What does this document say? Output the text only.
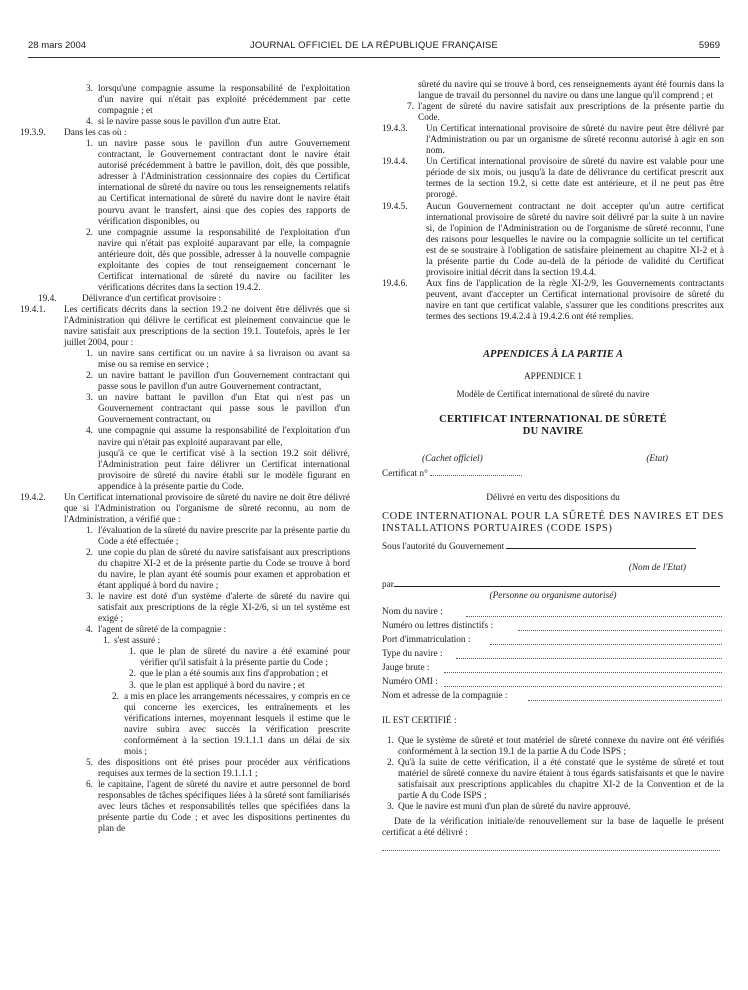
28 mars 2004	JOURNAL OFFICIEL DE LA RÉPUBLIQUE FRANÇAISE	5969

3. lorsqu'une compagnie assume la responsabilité de l'exploitation d'un navire qui n'était pas exploité précédemment par cette compagnie ; et

4. si le navire passe sous le pavillon d'un autre Etat.

19.3.9.	Dans les cas où :

1. un navire passe sous le pavillon d'un autre Gouvernement contractant, le Gouvernement contractant dont le navire était autorisé précédemment à battre le pavillon, doit, dès que possible, adresser à l'Administration cessionnaire des copies du Certificat international de sûreté du navire ou tous les renseignements relatifs au Certificat international de sûreté du navire dont le navire était pourvu avant le transfert, ainsi que des copies des rapports de vérification disponibles, ou

2. une compagnie assume la responsabilité de l'exploitation d'un navire qui n'était pas exploité auparavant par elle, la compagnie antérieure doit, dès que possible, adresser à la nouvelle compagnie exploitante des copies de tout renseignement concernant le Certificat international de sûreté du navire ou faciliter les vérifications décrites dans la section 19.4.2.

19.4.	Délivrance d'un certificat provisoire :

19.4.1.	Les certificats décrits dans la section 19.2 ne doivent être délivrés que si l'Administration qui délivre le certificat est pleinement convaincue que le navire satisfait aux prescriptions de la section 19.1. Toutefois, après le 1er juillet 2004, pour :

1. un navire sans certificat ou un navire à sa livraison ou avant sa mise ou sa remise en service ;

2. un navire battant le pavillon d'un Gouvernement contractant qui passe sous le pavillon d'un autre Gouvernement contractant,

3. un navire battant le pavillon d'un Etat qui n'est pas un Gouvernement contractant qui passe sous le pavillon d'un Gouvernement contractant, ou

4. une compagnie qui assume la responsabilité de l'exploitation d'un navire qui n'était pas exploité auparavant par elle,

jusqu'à ce que le certificat visé à la section 19.2 soit délivré, l'Administration peut faire délivrer un Certificat international provisoire de sûreté du navire établi sur le modèle figurant en appendice à la présente partie du Code.

19.4.2.	Un Certificat international provisoire de sûreté du navire ne doit être délivré que si l'Administration ou l'organisme de sûreté reconnu, au nom de l'Administration, a vérifié que :

1. l'évaluation de la sûreté du navire prescrite par la présente partie du Code a été effectuée ;

2. une copie du plan de sûreté du navire satisfaisant aux prescriptions du chapitre XI-2 et de la présente partie du Code se trouve à bord du navire, le plan ayant été soumis pour examen et approbation et étant appliqué à bord du navire ;

3. le navire est doté d'un système d'alerte de sûreté du navire qui satisfait aux prescriptions de la règle XI-2/6, si un tel système est exigé ;

4. l'agent de sûreté de la compagnie :

1. s'est assuré :

1. que le plan de sûreté du navire a été examiné pour vérifier qu'il satisfait à la présente partie du Code ;

2. que le plan a été soumis aux fins d'approbation ; et

3. que le plan est appliqué à bord du navire ; et

2. a mis en place les arrangements nécessaires, y compris en ce qui concerne les exercices, les entraînements et les vérifications internes, moyennant lesquels il estime que le navire subira avec succès la vérification prescrite conformément à la section 19.1.1.1 dans un délai de six mois ;

5. des dispositions ont été prises pour procéder aux vérifications requises aux termes de la section 19.1.1.1 ;

6. le capitaine, l'agent de sûreté du navire et autre personnel de bord responsables de tâches spécifiques liées à la sûreté sont familiarisés avec leurs tâches et responsabilités telles que spécifiées dans la présente partie du Code ; et avec les dispositions pertinentes du plan de

sûreté du navire qui se trouve à bord, ces renseignements ayant été fournis dans la langue de travail du personnel du navire ou dans une langue qu'il comprend ; et

7. l'agent de sûreté du navire satisfait aux prescriptions de la présente partie du Code.

19.4.3.	Un Certificat international provisoire de sûreté du navire peut être délivré par l'Administration ou par un organisme de sûreté reconnu autorisé à agir en son nom.

19.4.4.	Un Certificat international provisoire de sûreté du navire est valable pour une période de six mois, ou jusqu'à la date de délivrance du certificat prescrit aux termes de la section 19.2, si cette date est antérieure, et il ne peut pas être prorogé.

19.4.5.	Aucun Gouvernement contractant ne doit accepter qu'un autre certificat international provisoire de sûreté du navire soit délivré par la suite à un navire si, de l'opinion de l'Administration ou de l'organisme de sûreté reconnu, l'une des raisons pour lesquelles le navire ou la compagnie sollicite un tel certificat est de se soustraire à l'obligation de satisfaire pleinement au chapitre XI-2 et à la présente partie du Code au-delà de la période de validité du Certificat provisoire initial décrit dans la section 19.4.4.

19.4.6.	Aux fins de l'application de la règle XI-2/9, les Gouvernements contractants peuvent, avant d'accepter un Certificat international provisoire de sûreté du navire en tant que certificat valable, s'assurer que les conditions prescrites aux termes des sections 19.4.2.4 à 19.4.2.6 ont été remplies.

APPENDICES À LA PARTIE A

APPENDICE 1

Modèle de Certificat international de sûreté du navire

CERTIFICAT INTERNATIONAL DE SÛRETÉ

DU NAVIRE

(Cachet officiel)	(Etat)

Certificat n°

Délivré en vertu des dispositions du

CODE INTERNATIONAL POUR LA SÛRETÉ DES NAVIRES ET DES INSTALLATIONS PORTUAIRES (CODE ISPS)

Sous l'autorité du Gouvernement

(Nom de l'Etat)

par

(Personne ou organisme autorisé)

Nom du navire :

Numéro ou lettres distinctifs :

Port d'immatriculation :

Type du navire :

Jauge brute :

Numéro OMI :

Nom et adresse de la compagnie :

IL EST CERTIFIÉ :

1. Que le système de sûreté et tout matériel de sûreté connexe du navire ont été vérifiés conformément à la section 19.1 de la partie A du Code ISPS ;

2. Qu'à la suite de cette vérification, il a été constaté que le système de sûreté et tout matériel de sûreté connexe du navire étaient à tous égards satisfaisants et que le navire satisfaisait aux prescriptions applicables du chapitre XI-2 de la Convention et de la partie A du Code ISPS ;

3. Que le navire est muni d'un plan de sûreté du navire approuvé.

Date de la vérification initiale/de renouvellement sur la base de laquelle le présent certificat a été délivré :
